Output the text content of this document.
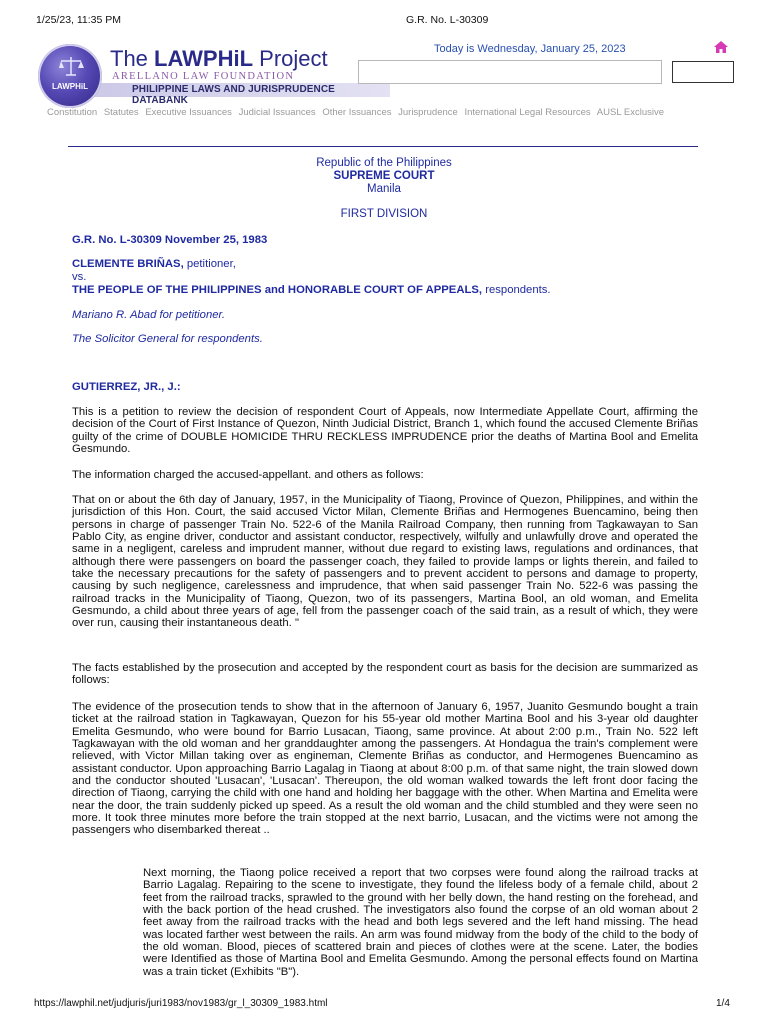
1/25/23, 11:35 PM	G.R. No. L-30309
PHILIPPINE LAWS AND JURISPRUDENCE DATABANK
LAWPHiL
The LAWPHiL Project
ARELLANO LAW FOUNDATION
Today is Wednesday, January 25, 2023
Constitution Statutes Executive Issuances Judicial Issuances Other Issuances Jurisprudence International Legal Resources AUSL Exclusive
Republic of the Philippines
SUPREME COURT
Manila
FIRST DIVISION
G.R. No. L-30309 November 25, 1983
CLEMENTE BRIÑAS, petitioner,
vs.
THE PEOPLE OF THE PHILIPPINES and HONORABLE COURT OF APPEALS, respondents.
Mariano R. Abad for petitioner.
The Solicitor General for respondents.
GUTIERREZ, JR., J.:
This is a petition to review the decision of respondent Court of Appeals, now Intermediate Appellate Court, affirming the decision of the Court of First Instance of Quezon, Ninth Judicial District, Branch 1, which found the accused Clemente Briñas guilty of the crime of DOUBLE HOMICIDE THRU RECKLESS IMPRUDENCE prior the deaths of Martina Bool and Emelita Gesmundo.
The information charged the accused-appellant. and others as follows:
That on or about the 6th day of January, 1957, in the Municipality of Tiaong, Province of Quezon, Philippines, and within the jurisdiction of this Hon. Court, the said accused Victor Milan, Clemente Briñas and Hermogenes Buencamino, being then persons in charge of passenger Train No. 522-6 of the Manila Railroad Company, then running from Tagkawayan to San Pablo City, as engine driver, conductor and assistant conductor, respectively, wilfully and unlawfully drove and operated the same in a negligent, careless and imprudent manner, without due regard to existing laws, regulations and ordinances, that although there were passengers on board the passenger coach, they failed to provide lamps or lights therein, and failed to take the necessary precautions for the safety of passengers and to prevent accident to persons and damage to property, causing by such negligence, carelessness and imprudence, that when said passenger Train No. 522-6 was passing the railroad tracks in the Municipality of Tiaong, Quezon, two of its passengers, Martina Bool, an old woman, and Emelita Gesmundo, a child about three years of age, fell from the passenger coach of the said train, as a result of which, they were over run, causing their instantaneous death. "
The facts established by the prosecution and accepted by the respondent court as basis for the decision are summarized as follows:
The evidence of the prosecution tends to show that in the afternoon of January 6, 1957, Juanito Gesmundo bought a train ticket at the railroad station in Tagkawayan, Quezon for his 55-year old mother Martina Bool and his 3-year old daughter Emelita Gesmundo, who were bound for Barrio Lusacan, Tiaong, same province. At about 2:00 p.m., Train No. 522 left Tagkawayan with the old woman and her granddaughter among the passengers. At Hondagua the train's complement were relieved, with Victor Millan taking over as engineman, Clemente Briñas as conductor, and Hermogenes Buencamino as assistant conductor. Upon approaching Barrio Lagalag in Tiaong at about 8:00 p.m. of that same night, the train slowed down and the conductor shouted 'Lusacan', 'Lusacan'. Thereupon, the old woman walked towards the left front door facing the direction of Tiaong, carrying the child with one hand and holding her baggage with the other. When Martina and Emelita were near the door, the train suddenly picked up speed. As a result the old woman and the child stumbled and they were seen no more. It took three minutes more before the train stopped at the next barrio, Lusacan, and the victims were not among the passengers who disembarked thereat ..
Next morning, the Tiaong police received a report that two corpses were found along the railroad tracks at Barrio Lagalag. Repairing to the scene to investigate, they found the lifeless body of a female child, about 2 feet from the railroad tracks, sprawled to the ground with her belly down, the hand resting on the forehead, and with the back portion of the head crushed. The investigators also found the corpse of an old woman about 2 feet away from the railroad tracks with the head and both legs severed and the left hand missing. The head was located farther west between the rails. An arm was found midway from the body of the child to the body of the old woman. Blood, pieces of scattered brain and pieces of clothes were at the scene. Later, the bodies were Identified as those of Martina Bool and Emelita Gesmundo. Among the personal effects found on Martina was a train ticket (Exhibits "B").
https://lawphil.net/judjuris/juri1983/nov1983/gr_l_30309_1983.html	1/4
